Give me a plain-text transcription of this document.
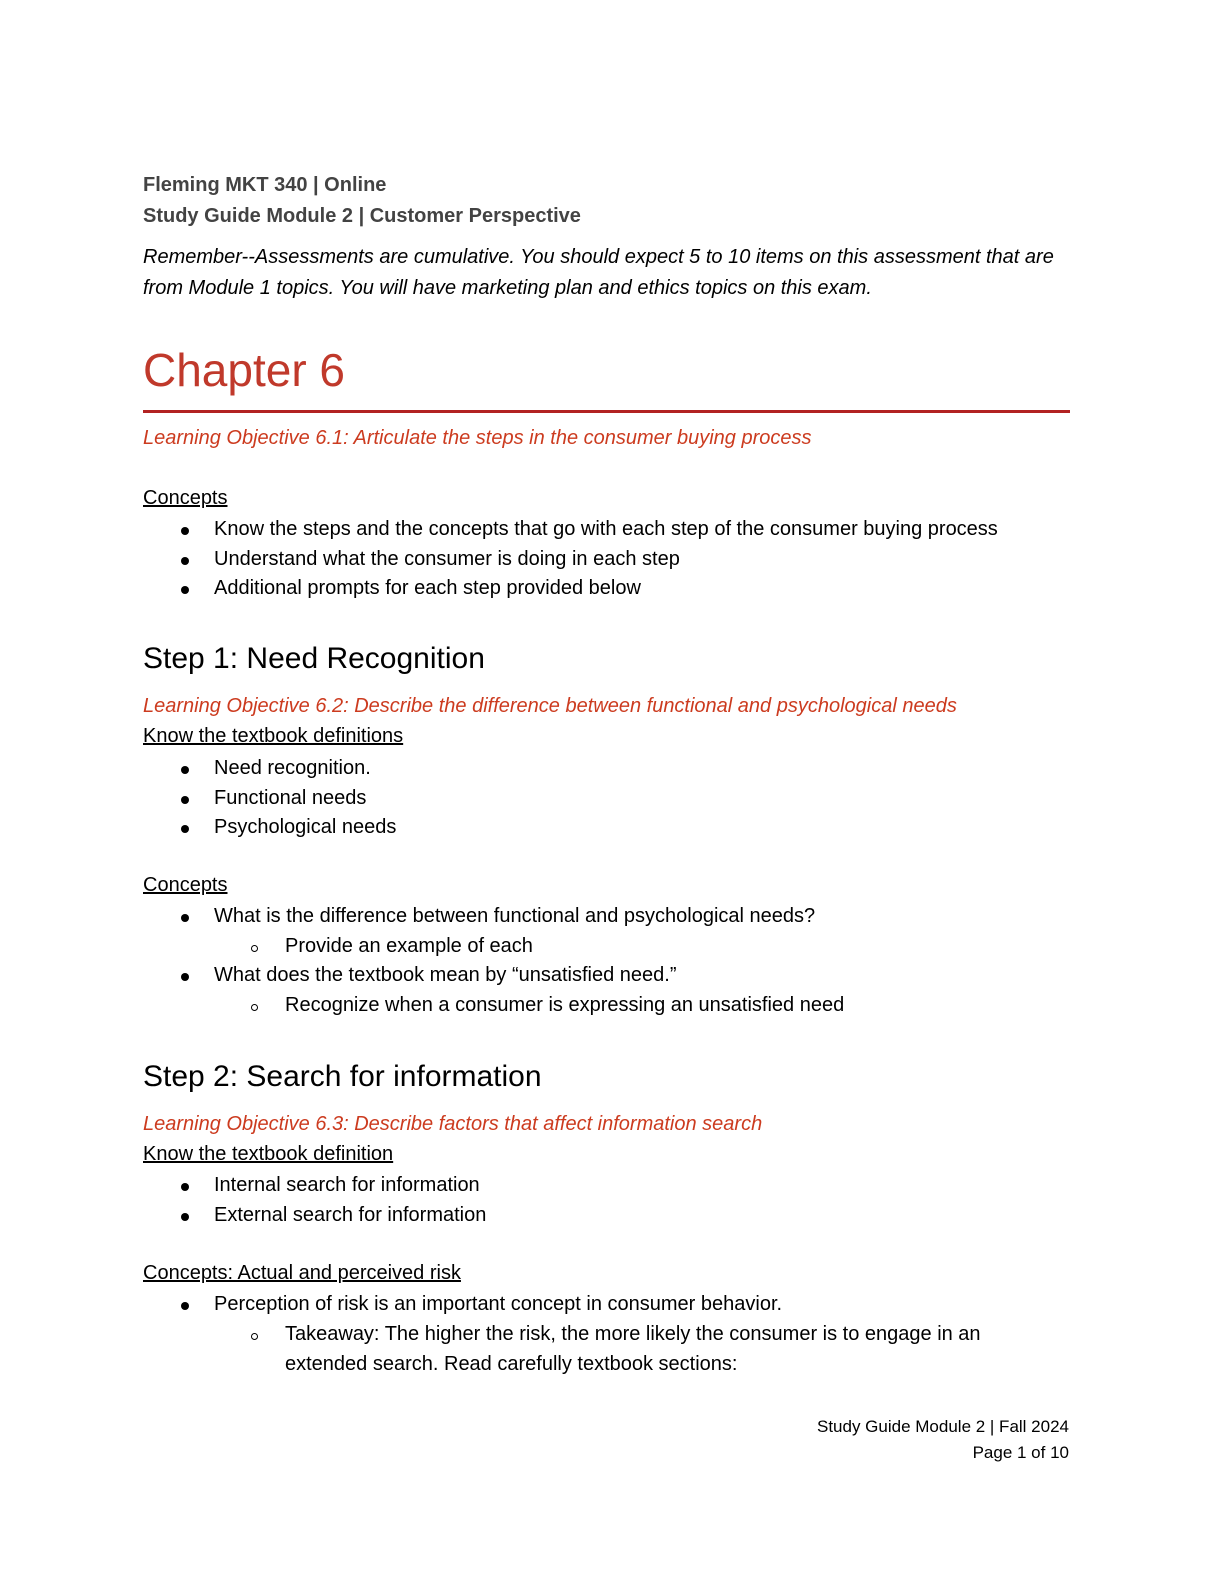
Fleming MKT 340 | Online
Study Guide Module 2 | Customer Perspective
Remember--Assessments are cumulative. You should expect 5 to 10 items on this assessment that are from Module 1 topics. You will have marketing plan and ethics topics on this exam.
Chapter 6
Learning Objective 6.1: Articulate the steps in the consumer buying process
Concepts
Know the steps and the concepts that go with each step of the consumer buying process
Understand what the consumer is doing in each step
Additional prompts for each step provided below
Step 1: Need Recognition
Learning Objective 6.2: Describe the difference between functional and psychological needs
Know the textbook definitions
Need recognition.
Functional needs
Psychological needs
Concepts
What is the difference between functional and psychological needs?
Provide an example of each
What does the textbook mean by “unsatisfied need.”
Recognize when a consumer is expressing an unsatisfied need
Step 2: Search for information
Learning Objective 6.3: Describe factors that affect information search
Know the textbook definition
Internal search for information
External search for information
Concepts: Actual and perceived risk
Perception of risk is an important concept in consumer behavior.
Takeaway: The higher the risk, the more likely the consumer is to engage in an extended search. Read carefully textbook sections:
Study Guide Module 2 | Fall 2024
Page 1 of 10
